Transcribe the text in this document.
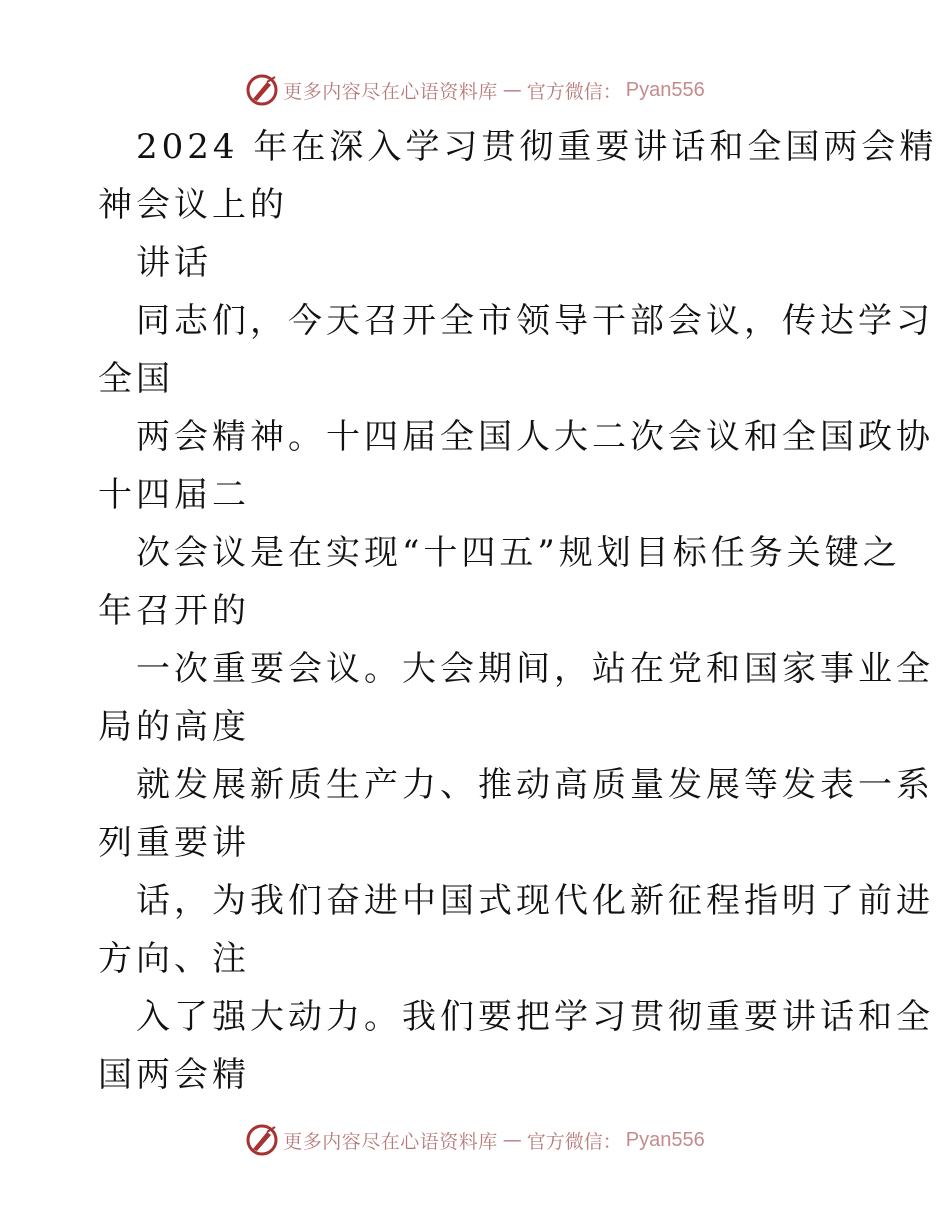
更多内容尽在心语资料库 — 官方微信： Pyan556
2024 年在深入学习贯彻重要讲话和全国两会精
神会议上的
讲话
同志们，今天召开全市领导干部会议，传达学习
全国
两会精神。十四届全国人大二次会议和全国政协
十四届二
次会议是在实现“十四五”规划目标任务关键之
年召开的
一次重要会议。大会期间，站在党和国家事业全
局的高度
就发展新质生产力、推动高质量发展等发表一系
列重要讲
话，为我们奋进中国式现代化新征程指明了前进
方向、注
入了强大动力。我们要把学习贯彻重要讲话和全
国两会精
更多内容尽在心语资料库 — 官方微信： Pyan556
